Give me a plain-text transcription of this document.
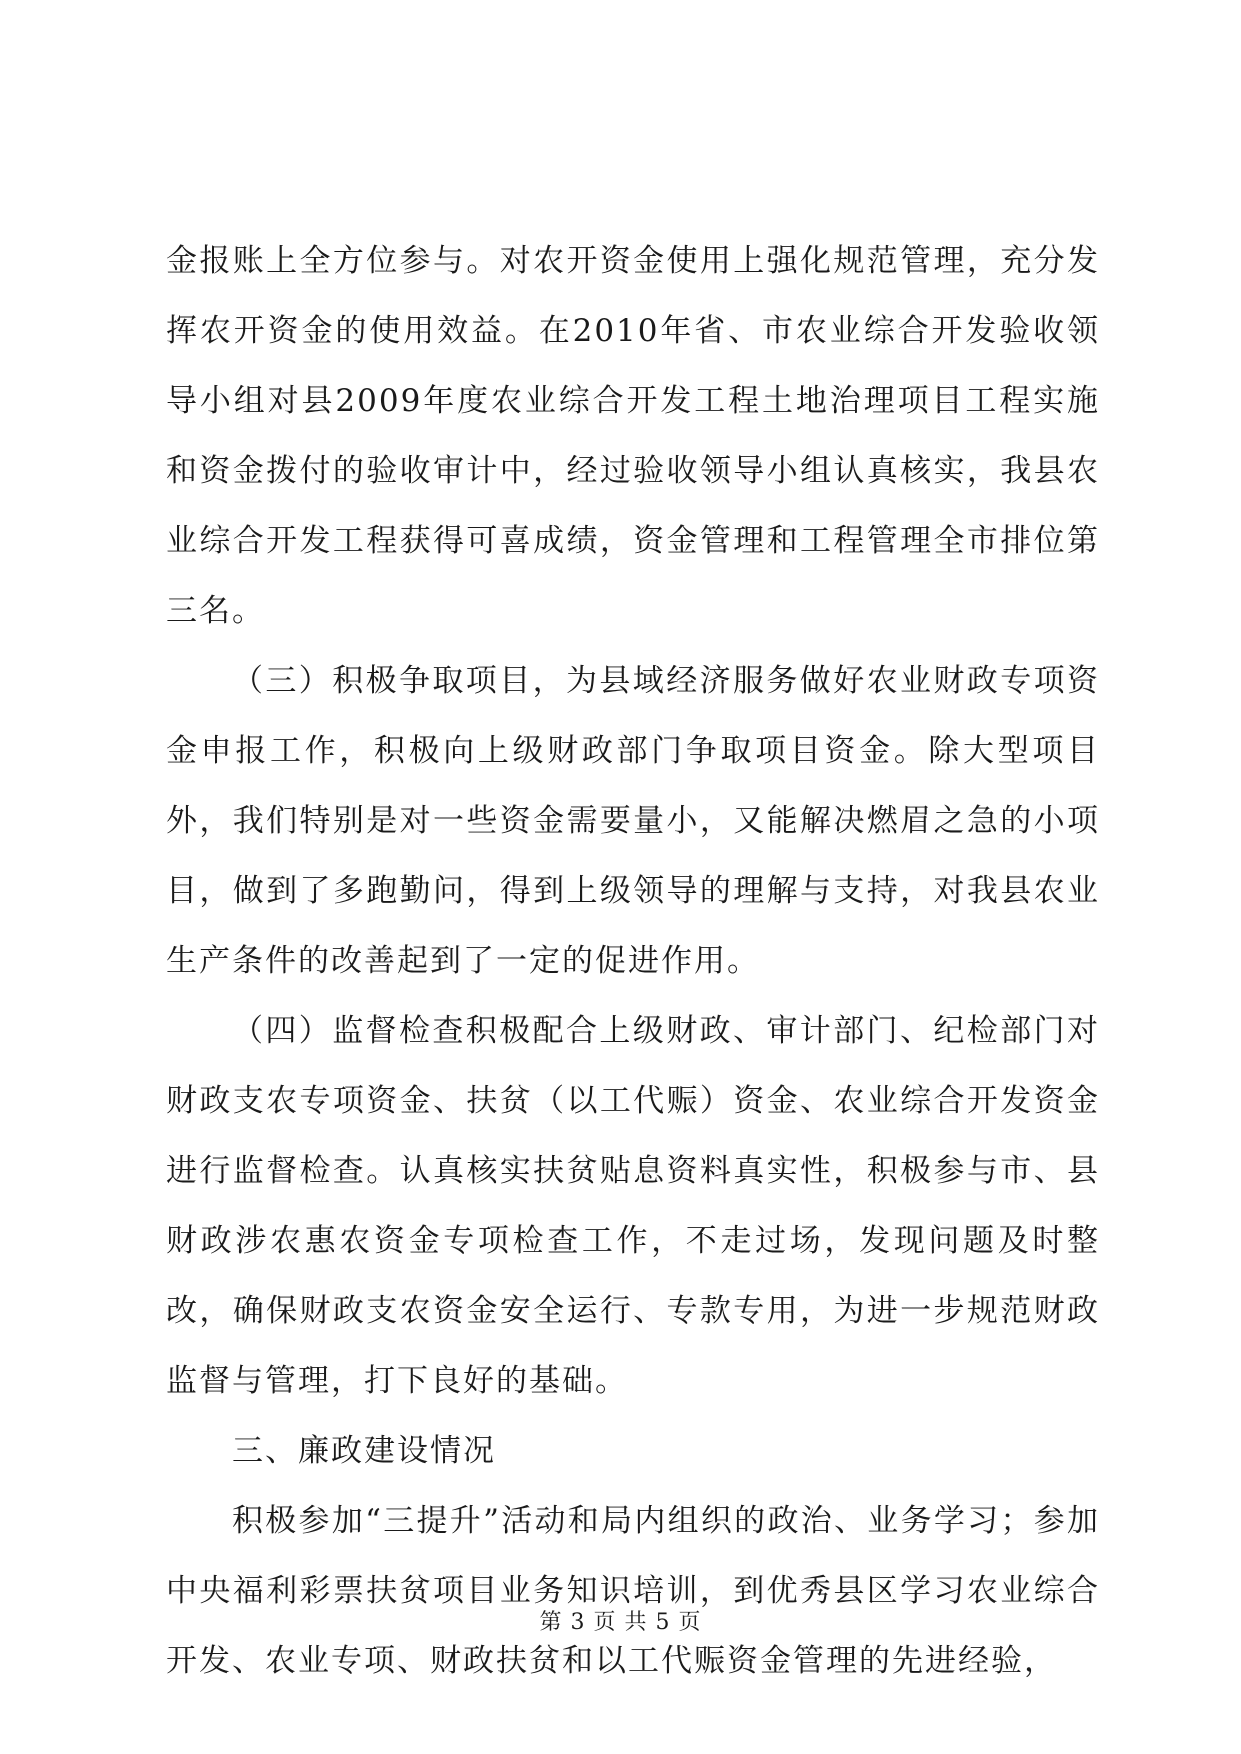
金报账上全方位参与。对农开资金使用上强化规范管理，充分发挥农开资金的使用效益。在2010年省、市农业综合开发验收领导小组对县2009年度农业综合开发工程土地治理项目工程实施和资金拨付的验收审计中，经过验收领导小组认真核实，我县农业综合开发工程获得可喜成绩，资金管理和工程管理全市排位第三名。

（三）积极争取项目，为县域经济服务做好农业财政专项资金申报工作，积极向上级财政部门争取项目资金。除大型项目外，我们特别是对一些资金需要量小，又能解决燃眉之急的小项目，做到了多跑勤问，得到上级领导的理解与支持，对我县农业生产条件的改善起到了一定的促进作用。

（四）监督检查积极配合上级财政、审计部门、纪检部门对财政支农专项资金、扶贫（以工代赈）资金、农业综合开发资金进行监督检查。认真核实扶贫贴息资料真实性，积极参与市、县财政涉农惠农资金专项检查工作，不走过场，发现问题及时整改，确保财政支农资金安全运行、专款专用，为进一步规范财政监督与管理，打下良好的基础。

三、廉政建设情况

积极参加“三提升”活动和局内组织的政治、业务学习；参加中央福利彩票扶贫项目业务知识培训，到优秀县区学习农业综合开发、农业专项、财政扶贫和以工代赈资金管理的先进经验，

第 3 页 共 5 页
